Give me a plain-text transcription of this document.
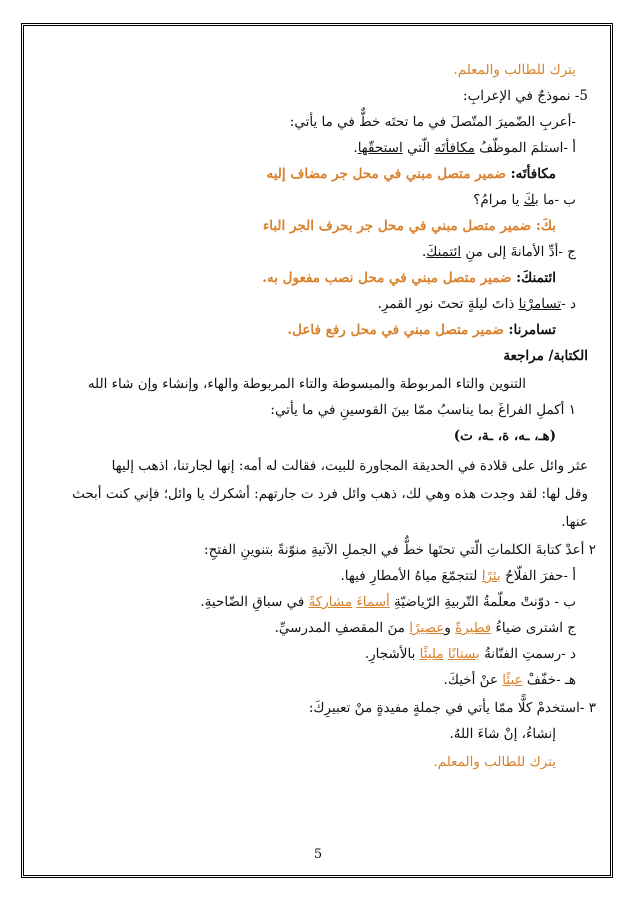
يترك للطالب والمعلم.
5- نموذجٌ في الإعرابِ:
-أعربِ الضّميرَ المتّصلَ في ما تحتَه خطٌّ في ما يأتي:
أ -استلمَ الموظّفُ مكافأتَه الّتي استحقّها.
مكافأتَه: ضمير متصل مبني في محل جر مضاف إليه
ب -ما بكَ يا مرامُ؟
بكَ: ضمير متصل مبني في محل جر بحرف الجر الباء
ج -أدِّ الأمانةَ إلى منِ ائتمنكَ.
ائتمنكَ: ضمير متصل مبني في محل نصب مفعول به.
د -تسامرْنا ذاتَ ليلةٍ تحتَ نورِ القمرِ.
تسامرنا: ضمير متصل مبني في محل رفع فاعل.
الكتابة/ مراجعة
التنوين والتاء المربوطة والمبسوطة والتاء المربوطة والهاء، وإنشاء وإن شاء الله
١ أكملِ الفراغَ بما يناسبُ ممّا بينَ القوسينِ في ما يأتي:
(هـ، ـه، ة، ـة، ت)
عثر وائل على قلادة في الحديقة المجاورة للبيت، فقالت له أمه: إنها لجارتنا، اذهب إليها
وقل لها: لقد وجدت هذه وهي لك، ذهب وائل فرد ت جارتهم: أشكرك يا وائل؛ فإني كنت أبحث
عنها.
٢ أعدْ كتابةَ الكلماتِ الّتي تحتَها خطٌّ في الجملِ الآتيةِ منوّنةً بتنوينِ الفتحِ:
أ -حفرَ الفلّاحُ بئرًا لتتجمّعَ مياهُ الأمطارِ فيها.
ب - دوّنتْ معلّمةُ التّربيةِ الرّياضيّةِ أسماءَ مشاركةً في سباقِ الضّاحيةِ.
ج اشترى ضياءُ فطيرةً وعصيرًا منَ المقصفِ المدرسيِّ.
د -رسمتِ الفنّانةُ بستانًا مليئًا بالأشجارِ.
هـ -خفّفْ عبئًا عنْ أخيكَ.
٣ -استخدمْ كلًّا ممّا يأتي في جملةٍ مفيدةٍ منْ تعبيرِكَ:
إنشاءُ، إنْ شاءَ اللهُ.
يترك للطالب والمعلم.
5
